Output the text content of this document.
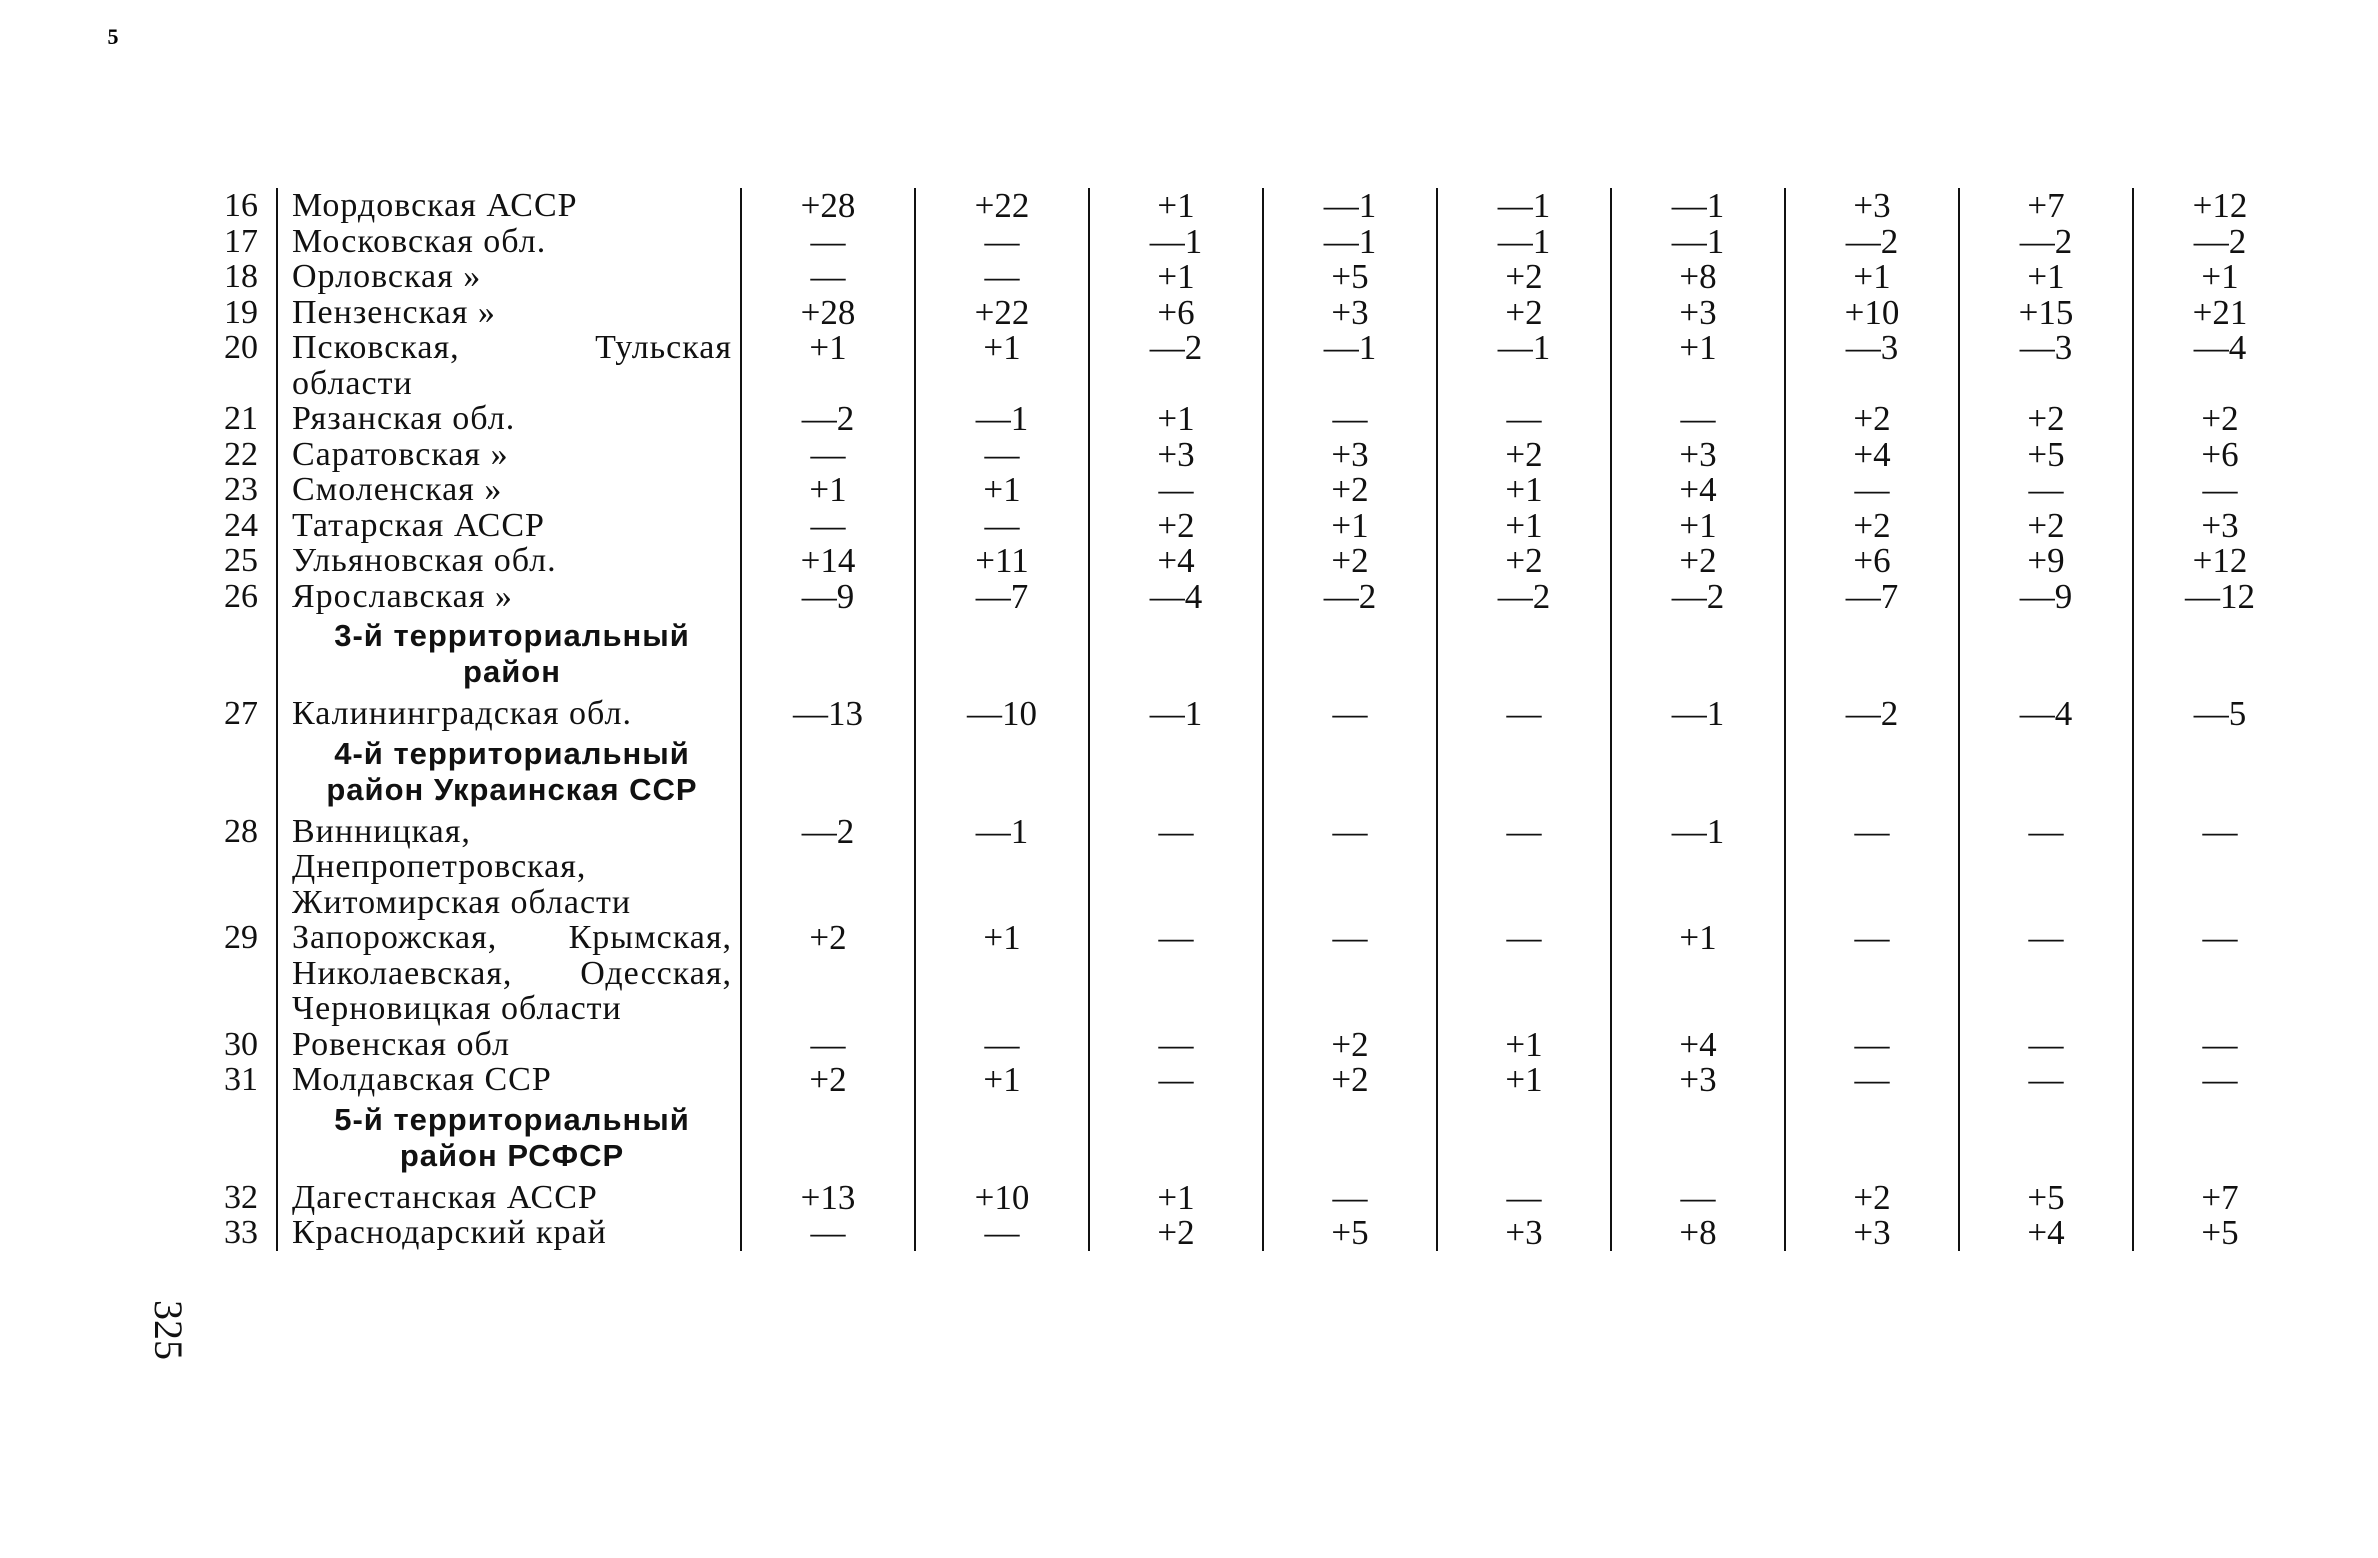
5
325
16	Мордовская АССР	+28	+22	+1	—1	—1	—1	+3	+7	+12
17	Московская обл.	—	—	—1	—1	—1	—1	—2	—2	—2
18	Орловская »	—	—	+1	+5	+2	+8	+1	+1	+1
19	Пензенская »	+28	+22	+6	+3	+2	+3	+10	+15	+21
20	Псковская, Тульская области	+1	+1	—2	—1	—1	+1	—3	—3	—4
21	Рязанская обл.	—2	—1	+1	—	—	—	+2	+2	+2
22	Саратовская »	—	—	+3	+3	+2	+3	+4	+5	+6
23	Смоленская »	+1	+1	—	+2	+1	+4	—	—	—
24	Татарская АССР	—	—	+2	+1	+1	+1	+2	+2	+3
25	Ульяновская обл.	+14	+11	+4	+2	+2	+2	+6	+9	+12
26	Ярославская »	—9	—7	—4	—2	—2	—2	—7	—9	—12
	3-й территориальный район									
27	Калининградская обл.	—13	—10	—1	—	—	—1	—2	—4	—5
	4-й территориальный район Украинская ССР									
28	Винницкая, Днепропетровская, Житомирская области	—2	—1	—	—	—	—1	—	—	—
29	Запорожская, Крымская, Николаевская, Одесская, Черновицкая области	+2	+1	—	—	—	+1	—	—	—
30	Ровенская обл	—	—	—	+2	+1	+4	—	—	—
31	Молдавская ССР	+2	+1	—	+2	+1	+3	—	—	—
	5-й территориальный район РСФСР									
32	Дагестанская АССР	+13	+10	+1	—	—	—	+2	+5	+7
33	Краснодарский край	—	—	+2	+5	+3	+8	+3	+4	+5
